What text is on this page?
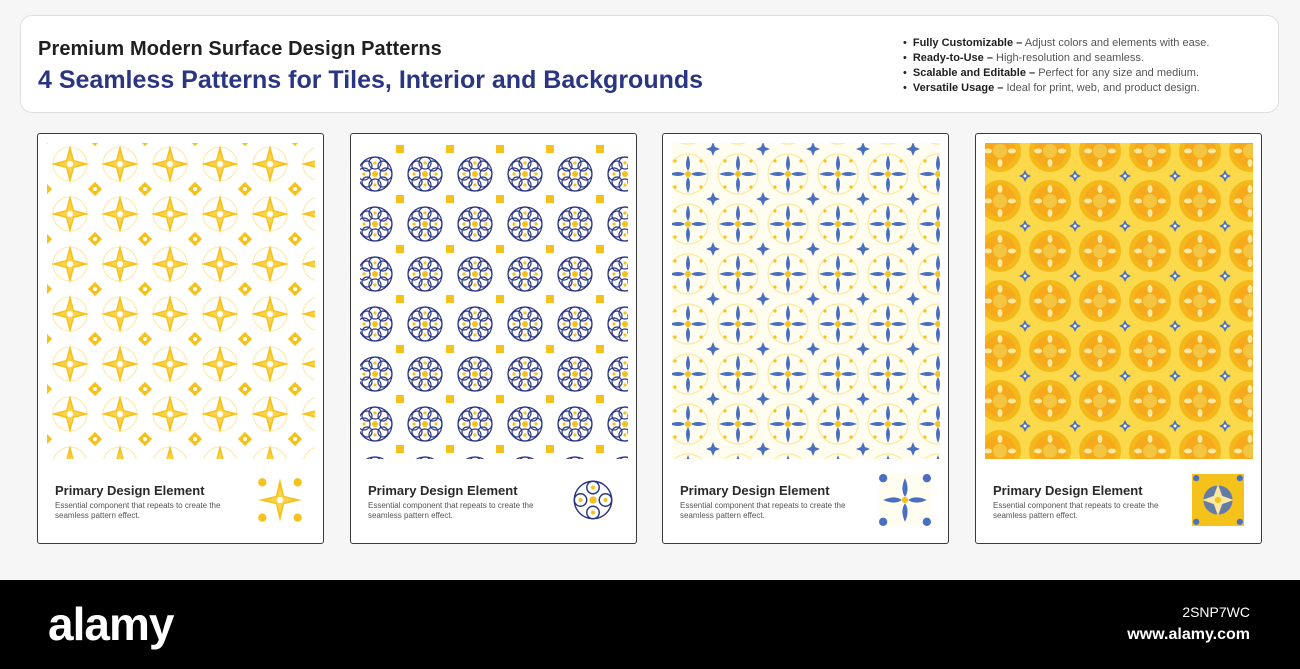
Premium Modern Surface Design Patterns
4 Seamless Patterns for Tiles, Interior and Backgrounds
• Fully Customizable – Adjust colors and elements with ease.
• Ready-to-Use – High-resolution and seamless.
• Scalable and Editable – Perfect for any size and medium.
• Versatile Usage – Ideal for print, web, and product design.
Primary Design Element
Essential component that repeats to create the seamless pattern effect.
Primary Design Element
Essential component that repeats to create the seamless pattern effect.
Primary Design Element
Essential component that repeats to create the seamless pattern effect.
Primary Design Element
Essential component that repeats to create the seamless pattern effect.
alamy	2SNP7WC
www.alamy.com
